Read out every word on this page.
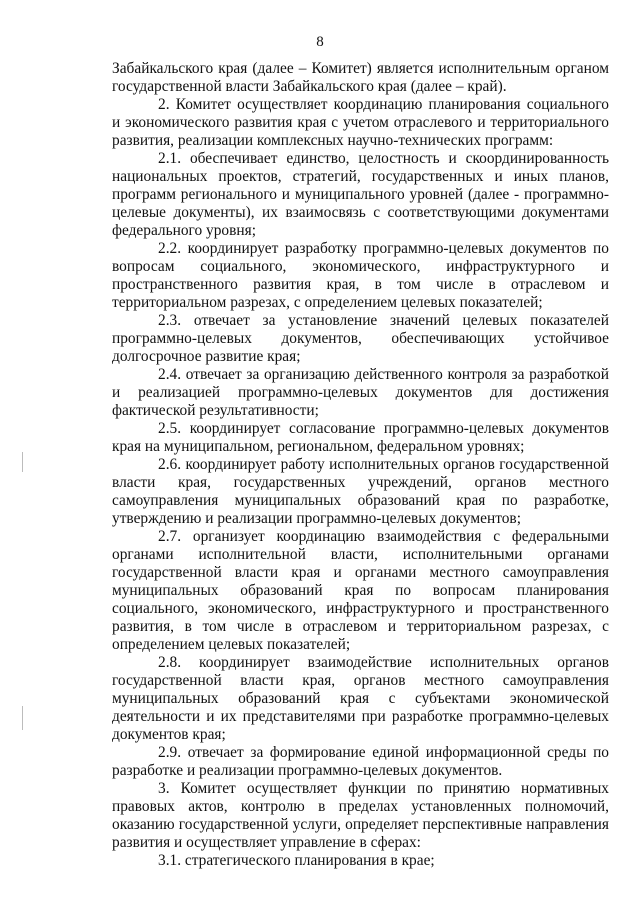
8

Забайкальского края (далее – Комитет) является исполнительным органом государственной власти Забайкальского края (далее – край).

2. Комитет осуществляет координацию планирования социального и экономического развития края с учетом отраслевого и территориального развития, реализации комплексных научно-технических программ:

2.1. обеспечивает единство, целостность и скоординированность национальных проектов, стратегий, государственных и иных планов, программ регионального и муниципального уровней (далее - программно-целевые документы), их взаимосвязь с соответствующими документами федерального уровня;

2.2. координирует разработку программно-целевых документов по вопросам социального, экономического, инфраструктурного и пространственного развития края, в том числе в отраслевом и территориальном разрезах, с определением целевых показателей;

2.3. отвечает за установление значений целевых показателей программно-целевых документов, обеспечивающих устойчивое долгосрочное развитие края;

2.4. отвечает за организацию действенного контроля за разработкой и реализацией программно-целевых документов для достижения фактической результативности;

2.5. координирует согласование программно-целевых документов края на муниципальном, региональном, федеральном уровнях;

2.6. координирует работу исполнительных органов государственной власти края, государственных учреждений, органов местного самоуправления муниципальных образований края по разработке, утверждению и реализации программно-целевых документов;

2.7. организует координацию взаимодействия с федеральными органами исполнительной власти, исполнительными органами государственной власти края и органами местного самоуправления муниципальных образований края по вопросам планирования социального, экономического, инфраструктурного и пространственного развития, в том числе в отраслевом и территориальном разрезах, с определением целевых показателей;

2.8. координирует взаимодействие исполнительных органов государственной власти края, органов местного самоуправления муниципальных образований края с субъектами экономической деятельности и их представителями при разработке программно-целевых документов края;

2.9. отвечает за формирование единой информационной среды по разработке и реализации программно-целевых документов.

3. Комитет осуществляет функции по принятию нормативных правовых актов, контролю в пределах установленных полномочий, оказанию государственной услуги, определяет перспективные направления развития и осуществляет управление в сферах:

3.1. стратегического планирования в крае;
